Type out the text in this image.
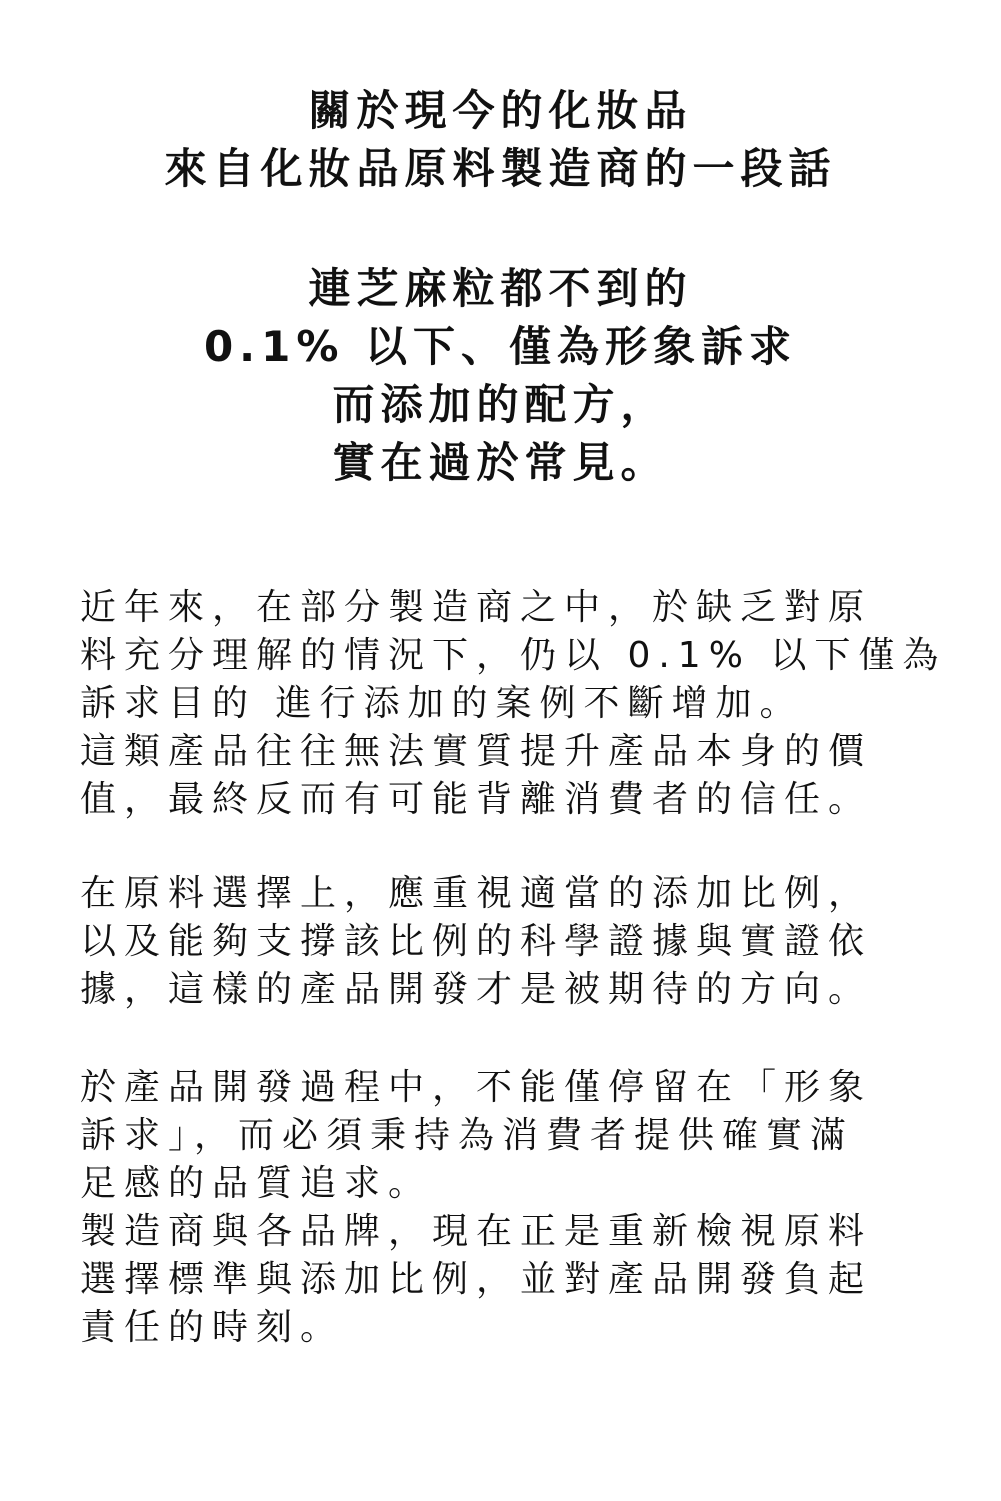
關於現今的化妝品
來自化妝品原料製造商的一段話
連芝麻粒都不到的
0.1% 以下、僅為形象訴求
而添加的配方，
實在過於常見。
近年來，在部分製造商之中，於缺乏對原
料充分理解的情況下，仍以 0.1% 以下僅為
訴求目的 進行添加的案例不斷增加。
這類產品往往無法實質提升產品本身的價
值，最終反而有可能背離消費者的信任。
在原料選擇上，應重視適當的添加比例，
以及能夠支撐該比例的科學證據與實證依
據，這樣的產品開發才是被期待的方向。
於產品開發過程中，不能僅停留在「形象
訴求」，而必須秉持為消費者提供確實滿
足感的品質追求。
製造商與各品牌，現在正是重新檢視原料
選擇標準與添加比例，並對產品開發負起
責任的時刻。
